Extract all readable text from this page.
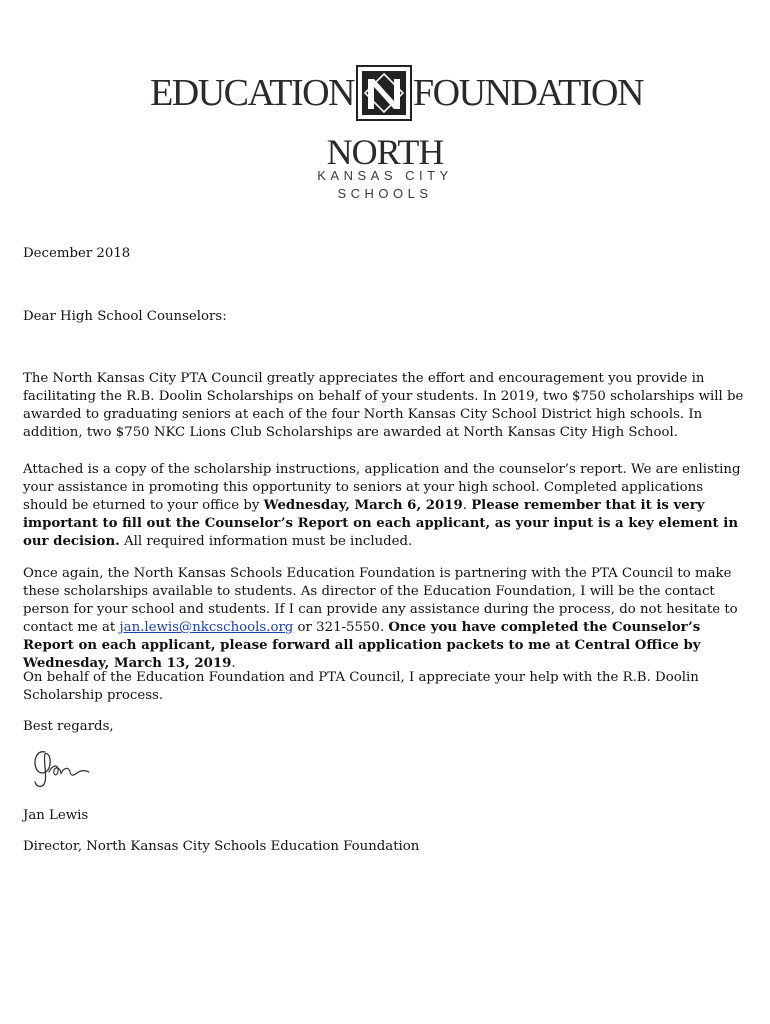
EDUCATION FOUNDATION
NORTH
KANSAS CITY
SCHOOLS

December 2018

Dear High School Counselors:

The North Kansas City PTA Council greatly appreciates the effort and encouragement you provide in facilitating the R.B. Doolin Scholarships on behalf of your students. In 2019, two $750 scholarships will be awarded to graduating seniors at each of the four North Kansas City School District high schools. In addition, two $750 NKC Lions Club Scholarships are awarded at North Kansas City High School.

Attached is a copy of the scholarship instructions, application and the counselor’s report. We are enlisting your assistance in promoting this opportunity to seniors at your high school. Completed applications should be eturned to your office by Wednesday, March 6, 2019. Please remember that it is very important to fill out the Counselor’s Report on each applicant, as your input is a key element in our decision. All required information must be included.

Once again, the North Kansas Schools Education Foundation is partnering with the PTA Council to make these scholarships available to students. As director of the Education Foundation, I will be the contact person for your school and students. If I can provide any assistance during the process, do not hesitate to contact me at jan.lewis@nkcschools.org or 321-5550. Once you have completed the Counselor’s Report on each applicant, please forward all application packets to me at Central Office by Wednesday, March 13, 2019.

On behalf of the Education Foundation and PTA Council, I appreciate your help with the R.B. Doolin Scholarship process.

Best regards,

Jan Lewis

Director, North Kansas City Schools Education Foundation
